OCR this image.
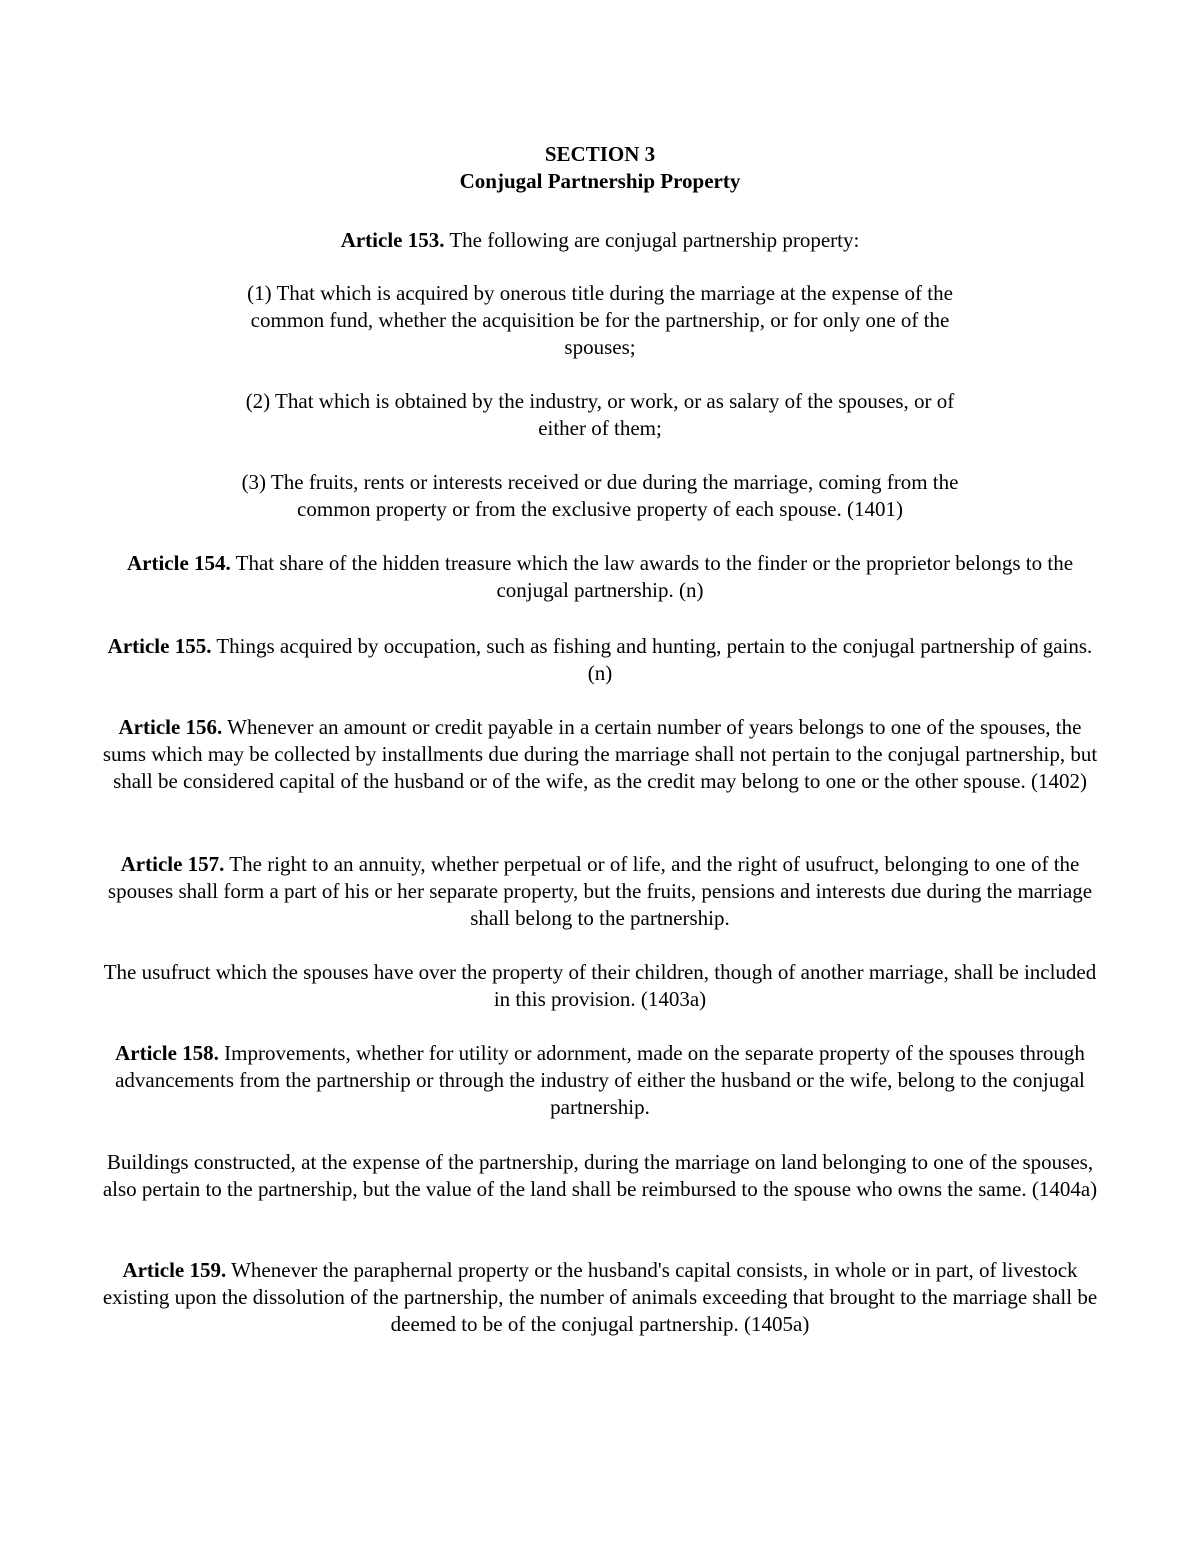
SECTION 3
Conjugal Partnership Property
Article 153. The following are conjugal partnership property:
(1) That which is acquired by onerous title during the marriage at the expense of the common fund, whether the acquisition be for the partnership, or for only one of the spouses;
(2) That which is obtained by the industry, or work, or as salary of the spouses, or of either of them;
(3) The fruits, rents or interests received or due during the marriage, coming from the common property or from the exclusive property of each spouse. (1401)
Article 154. That share of the hidden treasure which the law awards to the finder or the proprietor belongs to the conjugal partnership. (n)
Article 155. Things acquired by occupation, such as fishing and hunting, pertain to the conjugal partnership of gains. (n)
Article 156. Whenever an amount or credit payable in a certain number of years belongs to one of the spouses, the sums which may be collected by installments due during the marriage shall not pertain to the conjugal partnership, but shall be considered capital of the husband or of the wife, as the credit may belong to one or the other spouse. (1402)
Article 157. The right to an annuity, whether perpetual or of life, and the right of usufruct, belonging to one of the spouses shall form a part of his or her separate property, but the fruits, pensions and interests due during the marriage shall belong to the partnership.
The usufruct which the spouses have over the property of their children, though of another marriage, shall be included in this provision. (1403a)
Article 158. Improvements, whether for utility or adornment, made on the separate property of the spouses through advancements from the partnership or through the industry of either the husband or the wife, belong to the conjugal partnership.
Buildings constructed, at the expense of the partnership, during the marriage on land belonging to one of the spouses, also pertain to the partnership, but the value of the land shall be reimbursed to the spouse who owns the same. (1404a)
Article 159. Whenever the paraphernal property or the husband's capital consists, in whole or in part, of livestock existing upon the dissolution of the partnership, the number of animals exceeding that brought to the marriage shall be deemed to be of the conjugal partnership. (1405a)
